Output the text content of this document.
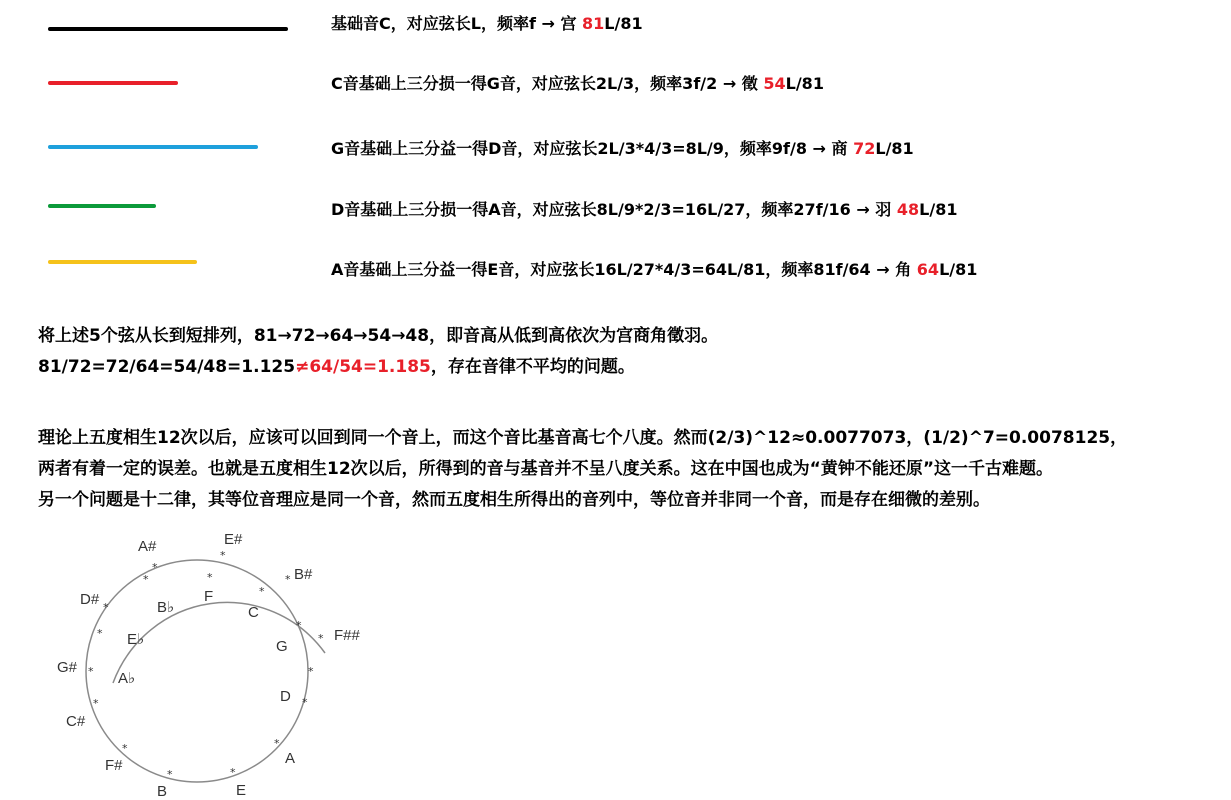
基础音C，对应弦长L，频率f → 宫 81L/81
C音基础上三分损一得G音，对应弦长2L/3，频率3f/2 → 徵 54L/81
G音基础上三分益一得D音，对应弦长2L/3*4/3=8L/9，频率9f/8 → 商 72L/81
D音基础上三分损一得A音，对应弦长8L/9*2/3=16L/27，频率27f/16 → 羽 48L/81
A音基础上三分益一得E音，对应弦长16L/27*4/3=64L/81，频率81f/64 → 角 64L/81
将上述5个弦从长到短排列，81→72→64→54→48，即音高从低到高依次为宫商角徵羽。
81/72=72/64=54/48=1.125≠64/54=1.185，存在音律不平均的问题。
理论上五度相生12次以后，应该可以回到同一个音上，而这个音比基音高七个八度。然而(2/3)^12≈0.0077073，(1/2)^7=0.0078125，
两者有着一定的误差。也就是五度相生12次以后，所得到的音与基音并不呈八度关系。这在中国也成为“黄钟不能还原”这一千古难题。
另一个问题是十二律，其等位音理应是同一个音，然而五度相生所得出的音列中，等位音并非同一个音，而是存在细微的差别。
*
*
*
*
*
*
*
*
*
*
*
*
*
*
*
*
*
*	B♭
F
C
G
D
A
E
B
F#
C#
G#
A♭
E♭
A#	E#
B#
F##
D#
